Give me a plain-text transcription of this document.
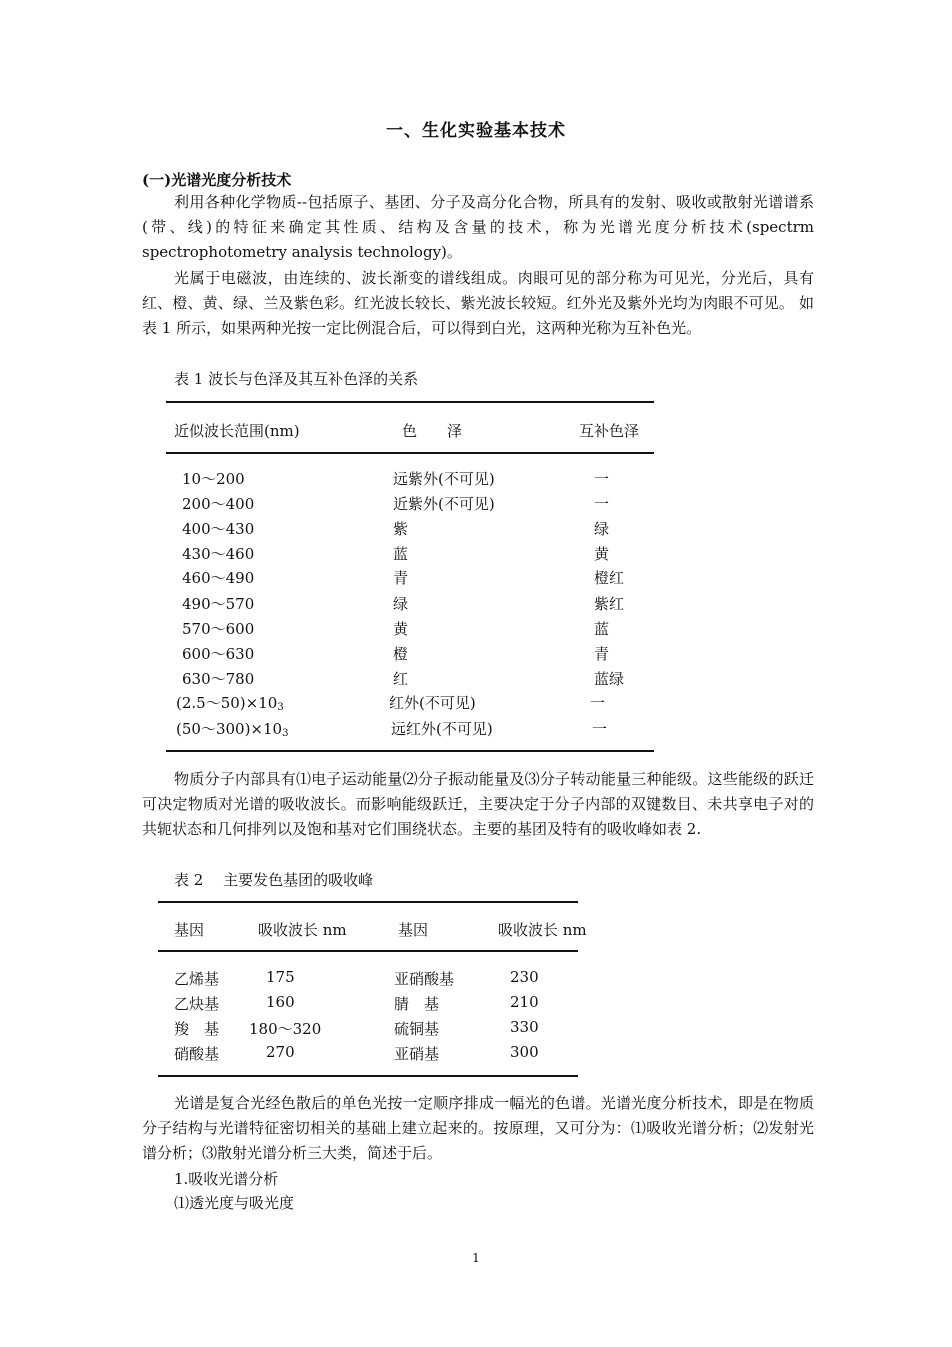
一、生化实验基本技术
(一)光谱光度分析技术
利用各种化学物质--包括原子、基团、分子及高分化合物，所具有的发射、吸收或散射光谱谱系(带、线)的特征来确定其性质、结构及含量的技术，称为光谱光度分析技术(spectrm spectrophotometry analysis technology)。
光属于电磁波，由连续的、波长渐变的谱线组成。肉眼可见的部分称为可见光，分光后，具有红、橙、黄、绿、兰及紫色彩。红光波长较长、紫光波长较短。红外光及紫外光均为肉眼不可见。 如表 1 所示，如果两种光按一定比例混合后，可以得到白光，这两种光称为互补色光。
表 1 波长与色泽及其互补色泽的关系
近似波长范围(nm)	色　　泽	互补色泽
10～200	远紫外(不可见)	一
200～400	近紫外(不可见)	一
400～430	紫	绿
430～460	蓝	黄
460～490	青	橙红
490～570	绿	紫红
570～600	黄	蓝
600～630	橙	青
630～780	红	蓝绿
$(2.5\sim 50)\times 10_3$	红外(不可见)	一
$(50\sim 300)\times 10_3$	远红外(不可见)	一
物质分子内部具有⑴电子运动能量⑵分子振动能量及⑶分子转动能量三种能级。这些能级的跃迁可决定物质对光谱的吸收波长。而影响能级跃迁，主要决定于分子内部的双键数目、未共享电子对的共轭状态和几何排列以及饱和基对它们围绕状态。主要的基团及特有的吸收峰如表 2.
表 2　 主要发色基团的吸收峰
基因	吸收波长 nm	基因	吸收波长 nm
乙烯基	175	亚硝酸基	230
乙炔基	160	腈　基	210
羧　基 180～320	硫铜基	330
硝酸基	270	亚硝基	300
光谱是复合光经色散后的单色光按一定顺序排成一幅光的色谱。光谱光度分析技术，即是在物质分子结构与光谱特征密切相关的基础上建立起来的。按原理，又可分为：⑴吸收光谱分析；⑵发射光谱分析；⑶散射光谱分析三大类，简述于后。
1.吸收光谱分析
⑴透光度与吸光度
1
